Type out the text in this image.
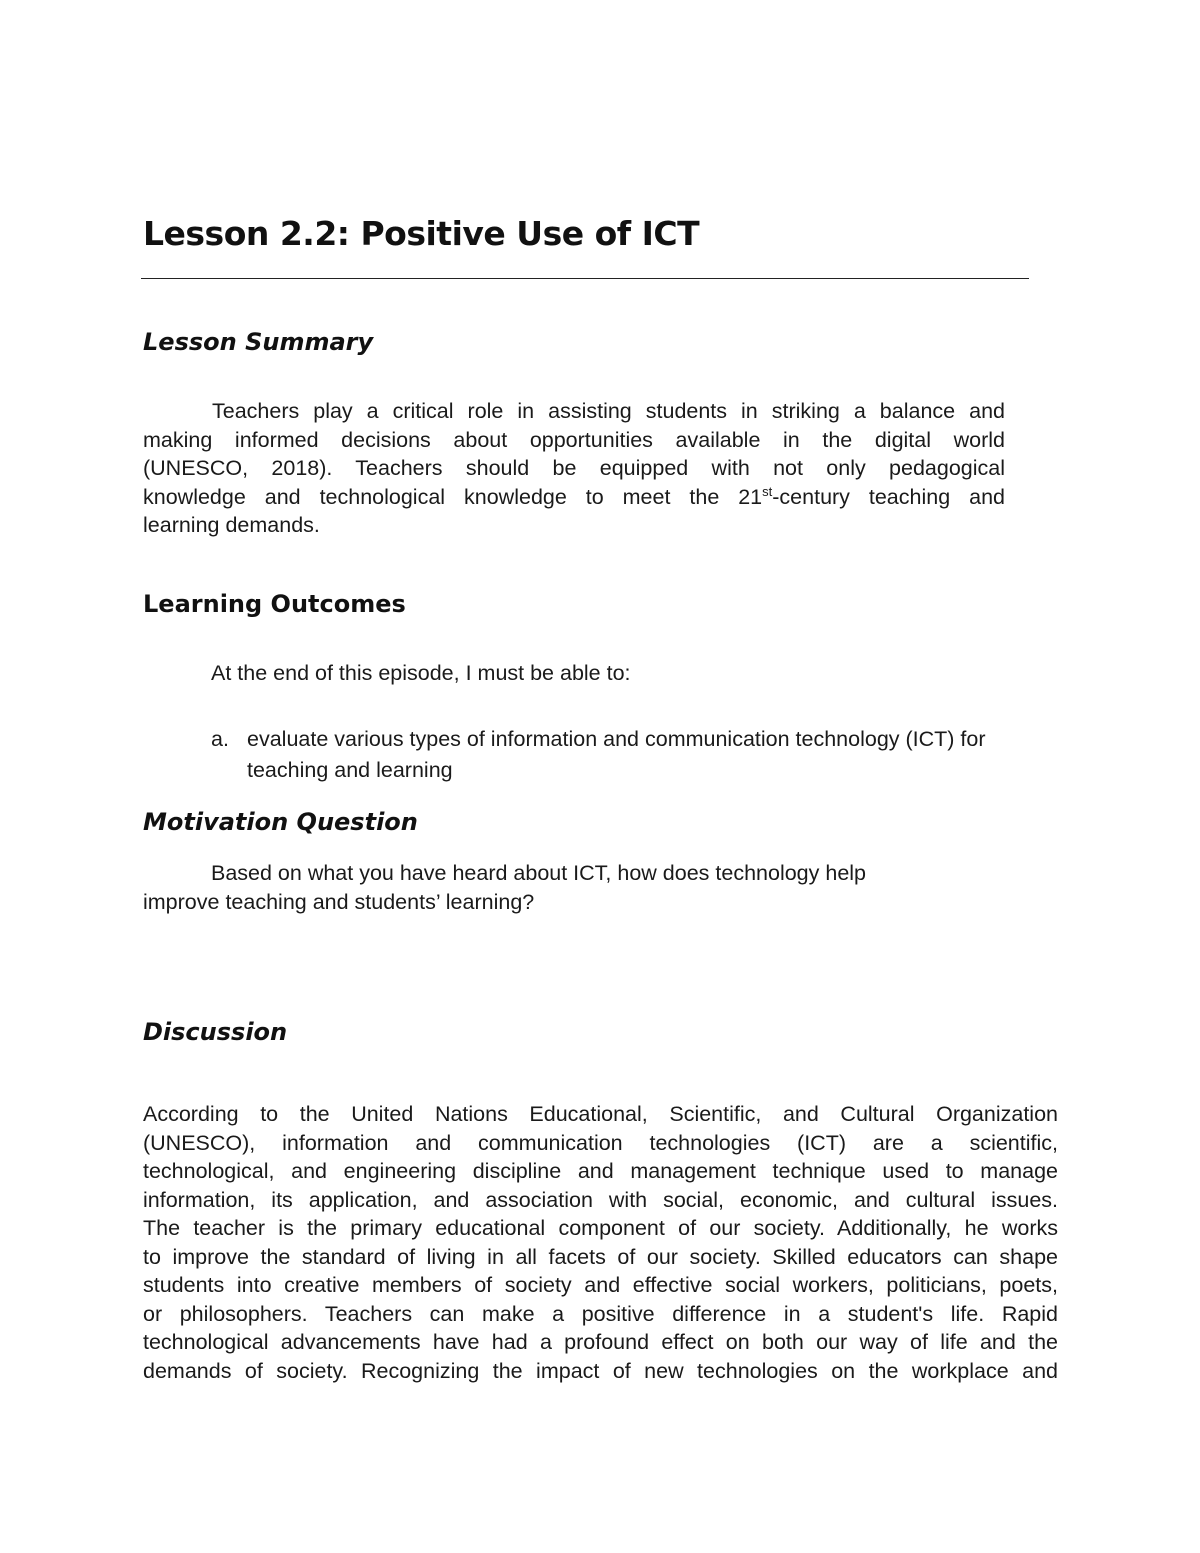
Lesson 2.2: Positive Use of ICT
Lesson Summary
Teachers play a critical role in assisting students in striking a balance and
making informed decisions about opportunities available in the digital world
(UNESCO, 2018). Teachers should be equipped with not only pedagogical
knowledge and technological knowledge to meet the 21st-century teaching and
learning demands.
Learning Outcomes

At the end of this episode, I must be able to:

a. evaluate various types of information and communication technology (ICT) for
teaching and learning
Motivation Question
Based on what you have heard about ICT, how does technology help
improve teaching and students’ learning?
Discussion
According to the United Nations Educational, Scientific, and Cultural Organization
(UNESCO), information and communication technologies (ICT) are a scientific,
technological, and engineering discipline and management technique used to manage
information, its application, and association with social, economic, and cultural issues.
The teacher is the primary educational component of our society. Additionally, he works
to improve the standard of living in all facets of our society. Skilled educators can shape
students into creative members of society and effective social workers, politicians, poets,
or philosophers. Teachers can make a positive difference in a student's life. Rapid
technological advancements have had a profound effect on both our way of life and the
demands of society. Recognizing the impact of new technologies on the workplace and
